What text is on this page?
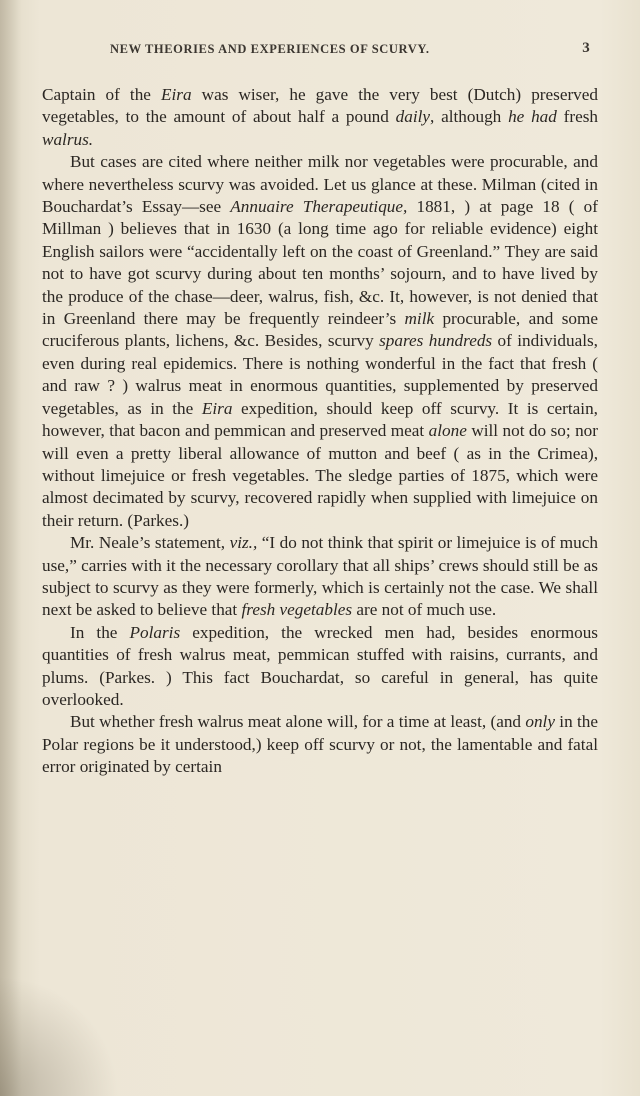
NEW THEORIES AND EXPERIENCES OF SCURVY.	3

Captain of the Eira was wiser, he gave the very best (Dutch) preserved vegetables, to the amount of about half a pound daily, although he had fresh walrus.

But cases are cited where neither milk nor vegetables were procurable, and where nevertheless scurvy was avoided. Let us glance at these. Milman (cited in Bouchardat’s Essay—see Annuaire Therapeutique, 1881, ) at page 18 ( of Millman ) believes that in 1630 (a long time ago for reliable evidence) eight English sailors were “accidentally left on the coast of Greenland.” They are said not to have got scurvy during about ten months’ sojourn, and to have lived by the produce of the chase—deer, walrus, fish, &c. It, however, is not denied that in Greenland there may be frequently reindeer’s milk procurable, and some cruciferous plants, lichens, &c. Besides, scurvy spares hundreds of individuals, even during real epidemics. There is nothing wonderful in the fact that fresh ( and raw ? ) walrus meat in enormous quantities, supplemented by preserved vegetables, as in the Eira expedition, should keep off scurvy. It is certain, however, that bacon and pemmican and preserved meat alone will not do so; nor will even a pretty liberal allowance of mutton and beef ( as in the Crimea), without limejuice or fresh vegetables. The sledge parties of 1875, which were almost decimated by scurvy, recovered rapidly when supplied with limejuice on their return. (Parkes.)

Mr. Neale’s statement, viz., “I do not think that spirit or limejuice is of much use,” carries with it the necessary corollary that all ships’ crews should still be as subject to scurvy as they were formerly, which is certainly not the case. We shall next be asked to believe that fresh vegetables are not of much use.

In the Polaris expedition, the wrecked men had, besides enormous quantities of fresh walrus meat, pemmican stuffed with raisins, currants, and plums. (Parkes. ) This fact Bouchardat, so careful in general, has quite overlooked.

But whether fresh walrus meat alone will, for a time at least, (and only in the Polar regions be it understood,) keep off scurvy or not, the lamentable and fatal error originated by certain
